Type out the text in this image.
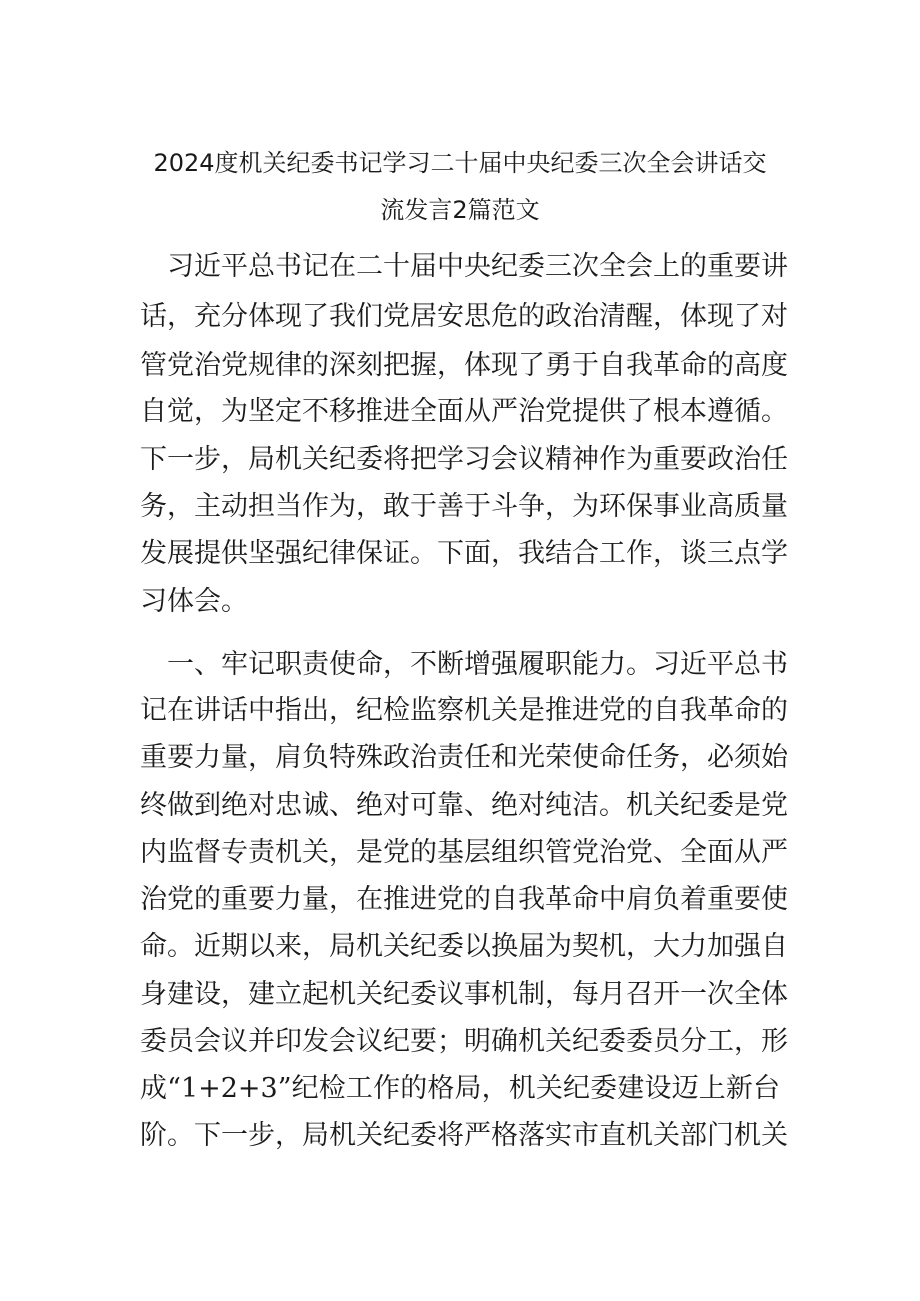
2024度机关纪委书记学习二十届中央纪委三次全会讲话交
流发言2篇范文
　习近平总书记在二十届中央纪委三次全会上的重要讲
话，充分体现了我们党居安思危的政治清醒，体现了对
管党治党规律的深刻把握，体现了勇于自我革命的高度
自觉，为坚定不移推进全面从严治党提供了根本遵循。
下一步，局机关纪委将把学习会议精神作为重要政治任
务，主动担当作为，敢于善于斗争，为环保事业高质量
发展提供坚强纪律保证。下面，我结合工作，谈三点学
习体会。
　一、牢记职责使命，不断增强履职能力。习近平总书
记在讲话中指出，纪检监察机关是推进党的自我革命的
重要力量，肩负特殊政治责任和光荣使命任务，必须始
终做到绝对忠诚、绝对可靠、绝对纯洁。机关纪委是党
内监督专责机关，是党的基层组织管党治党、全面从严
治党的重要力量，在推进党的自我革命中肩负着重要使
命。近期以来，局机关纪委以换届为契机，大力加强自
身建设，建立起机关纪委议事机制，每月召开一次全体
委员会议并印发会议纪要；明确机关纪委委员分工，形
成“1+2+3”纪检工作的格局，机关纪委建设迈上新台
阶。下一步，局机关纪委将严格落实市直机关部门机关
